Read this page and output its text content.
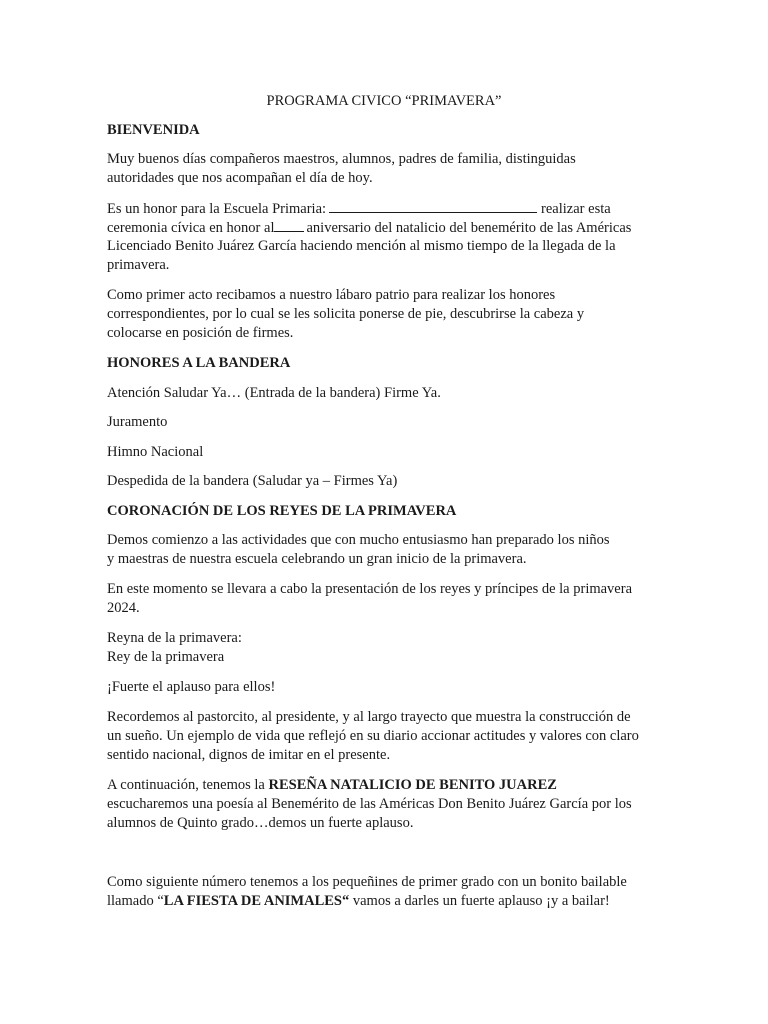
PROGRAMA CIVICO “PRIMAVERA”
BIENVENIDA
Muy buenos días compañeros maestros, alumnos, padres de familia, distinguidas
autoridades que nos acompañan el día de hoy.
Es un honor para la Escuela Primaria:	realizar esta
ceremonia cívica en honor al aniversario del natalicio del benemérito de las Américas
Licenciado Benito Juárez García haciendo mención al mismo tiempo de la llegada de la
primavera.
Como primer acto recibamos a nuestro lábaro patrio para realizar los honores
correspondientes, por lo cual se les solicita ponerse de pie, descubrirse la cabeza y
colocarse en posición de firmes.
HONORES A LA BANDERA
Atención Saludar Ya… (Entrada de la bandera) Firme Ya.
Juramento
Himno Nacional
Despedida de la bandera (Saludar ya – Firmes Ya)
CORONACIÓN DE LOS REYES DE LA PRIMAVERA
Demos comienzo a las actividades que con mucho entusiasmo han preparado los niños
y maestras de nuestra escuela celebrando un gran inicio de la primavera.
En este momento se llevara a cabo la presentación de los reyes y príncipes de la primavera
2024.
Reyna de la primavera:
Rey de la primavera
¡Fuerte el aplauso para ellos!
Recordemos al pastorcito, al presidente, y al largo trayecto que muestra la construcción de
un sueño. Un ejemplo de vida que reflejó en su diario accionar actitudes y valores con claro
sentido nacional, dignos de imitar en el presente.
A continuación, tenemos la RESEÑA NATALICIO DE BENITO JUAREZ
escucharemos una poesía al Benemérito de las Américas Don Benito Juárez García por los
alumnos de Quinto grado…demos un fuerte aplauso.
Como siguiente número tenemos a los pequeñines de primer grado con un bonito bailable
llamado “LA FIESTA DE ANIMALES“ vamos a darles un fuerte aplauso ¡y a bailar!
